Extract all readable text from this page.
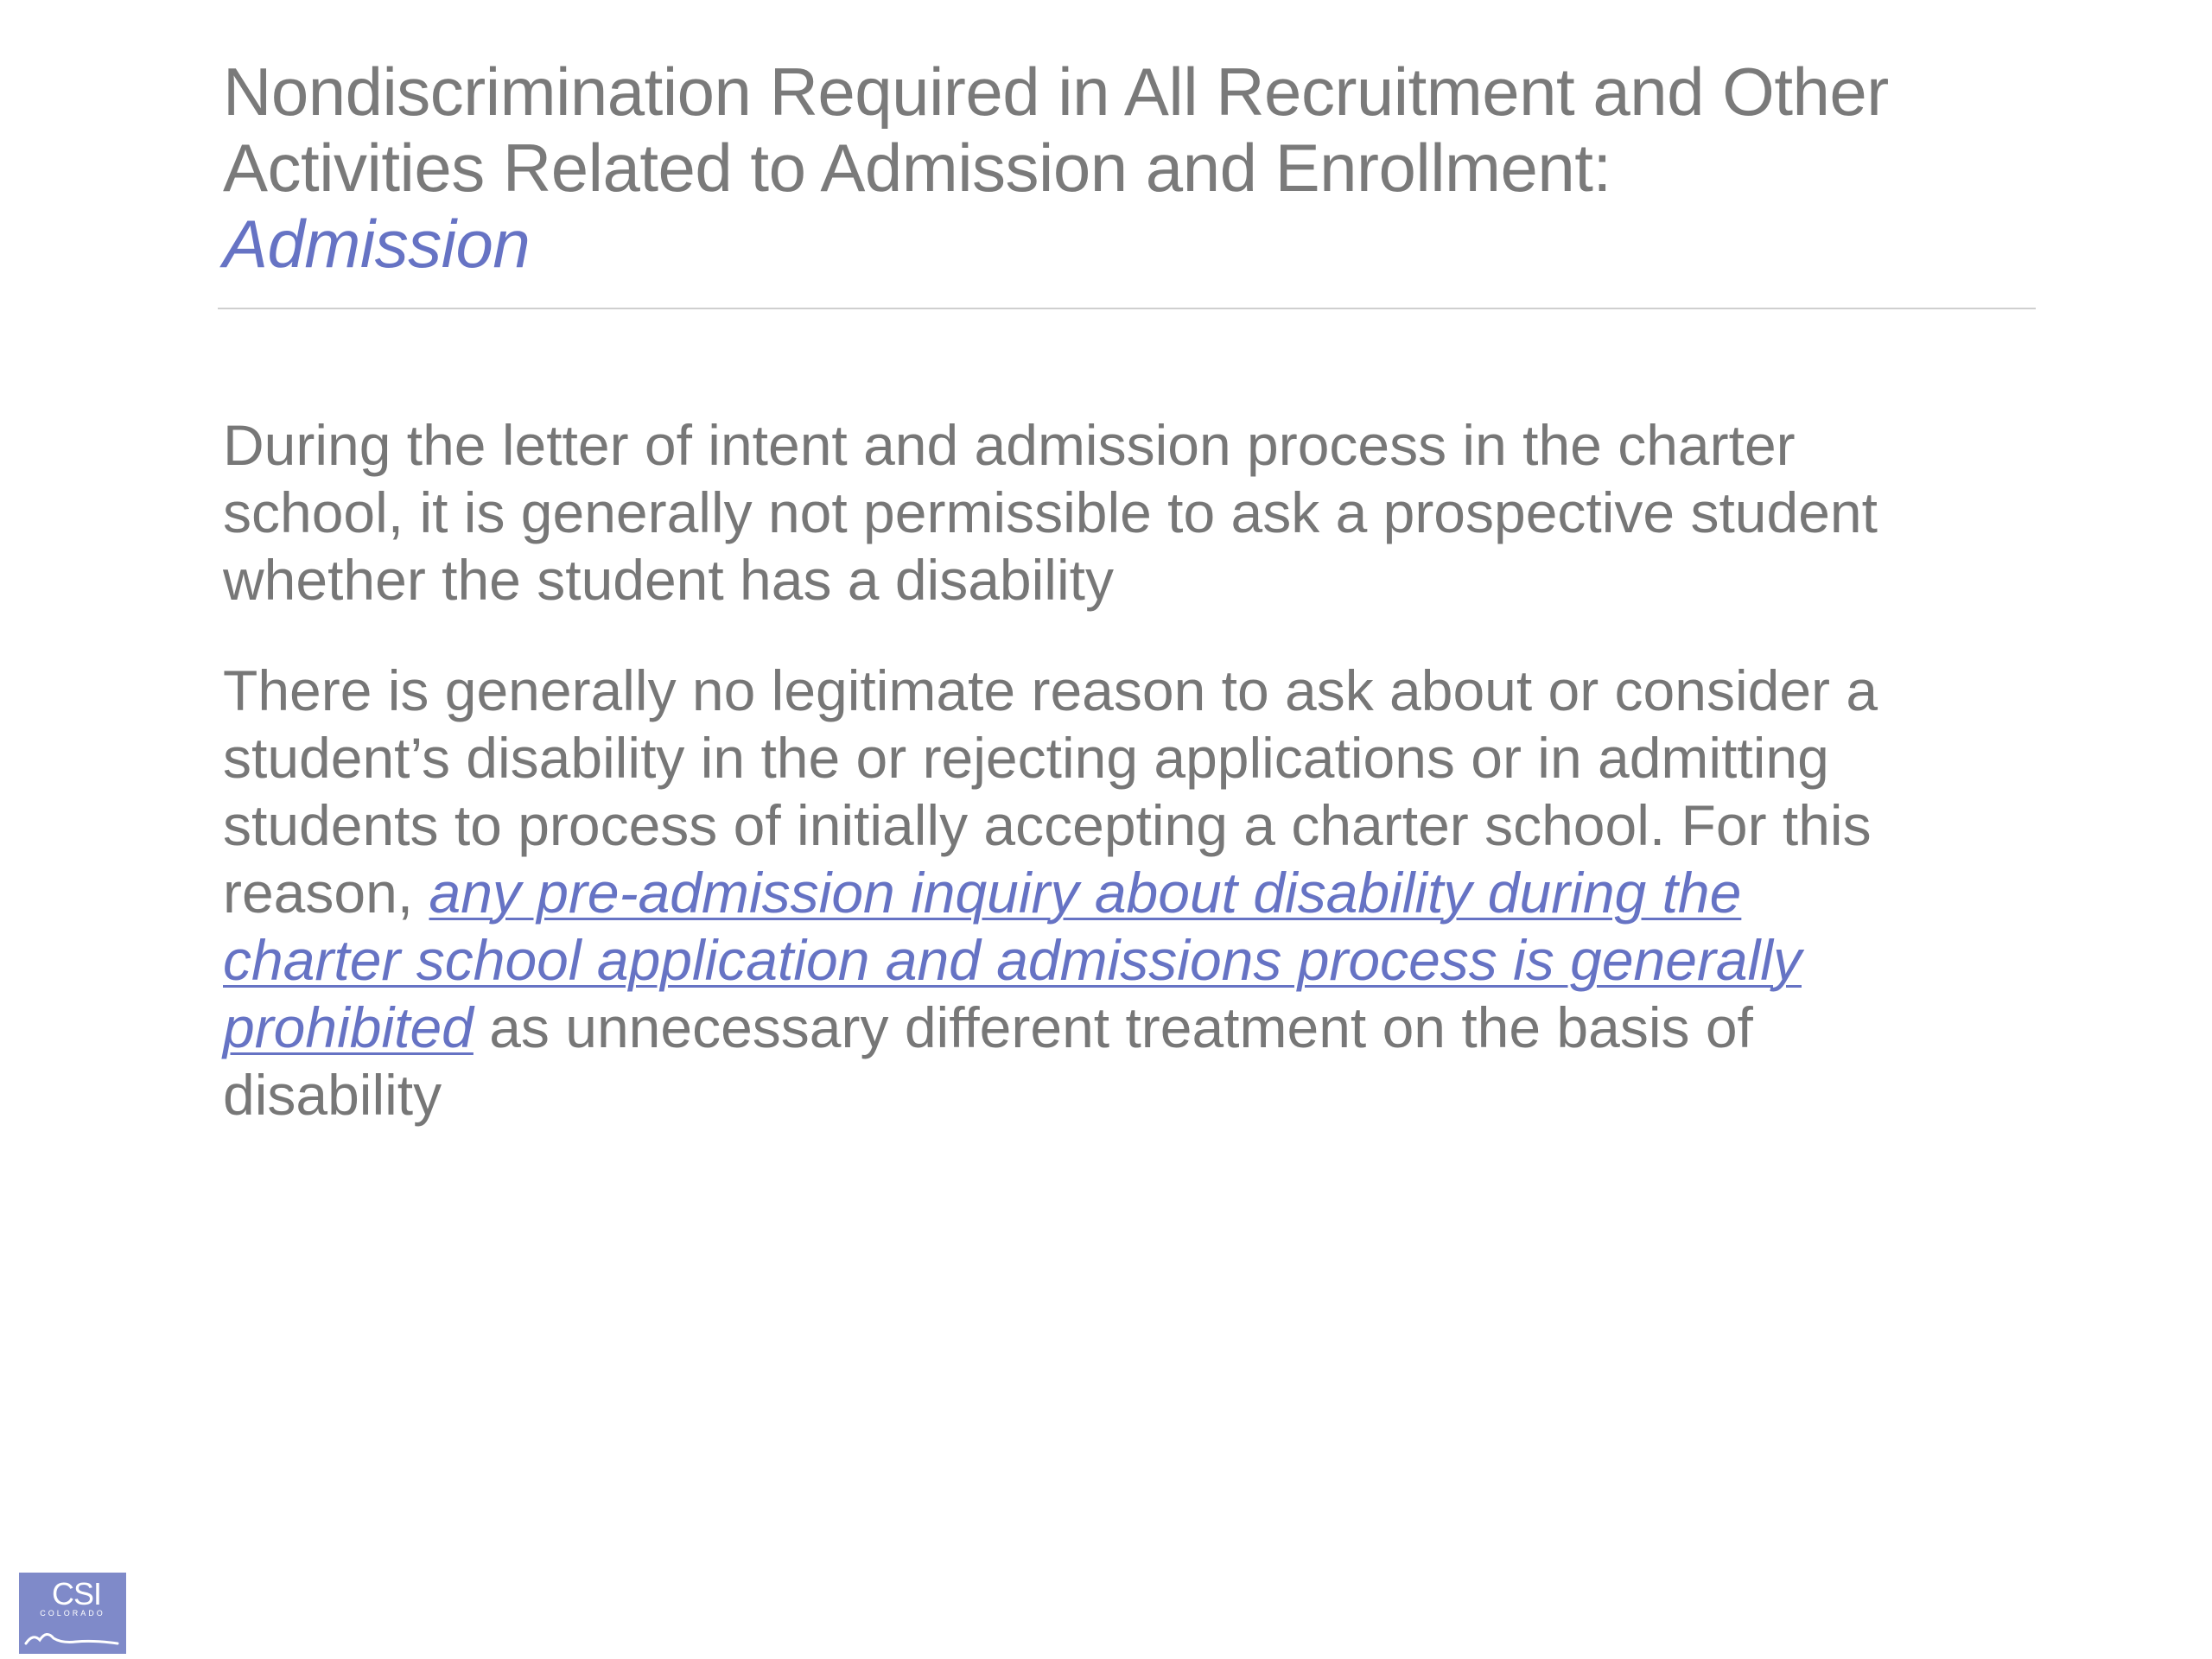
Nondiscrimination Required in All Recruitment and Other
Activities Related to Admission and Enrollment:
Admission

During the letter of intent and admission process in the charter
school, it is generally not permissible to ask a prospective student
whether the student has a disability

There is generally no legitimate reason to ask about or consider a
student’s disability in the or rejecting applications or in admitting
students to process of initially accepting a charter school. For this
reason, any pre-admission inquiry about disability during the
charter school application and admissions process is generally
prohibited as unnecessary different treatment on the basis of
disability

CSI
COLORADO
